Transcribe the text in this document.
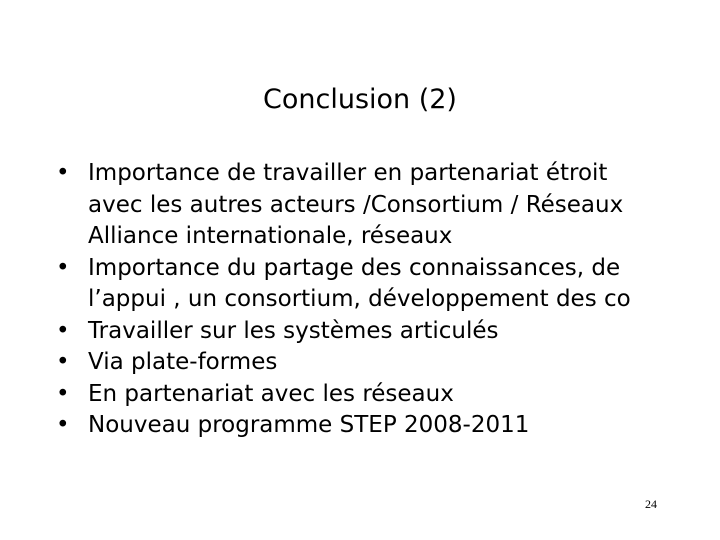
Conclusion (2)
• Importance de travailler en partenariat étroit
avec les autres acteurs /Consortium / Réseaux
Alliance internationale, réseaux
• Importance du partage des connaissances, de
l’appui , un consortium, développement des co
• Travailler sur les systèmes articulés
• Via plate-formes
• En partenariat avec les réseaux
• Nouveau programme STEP 2008-2011
24
